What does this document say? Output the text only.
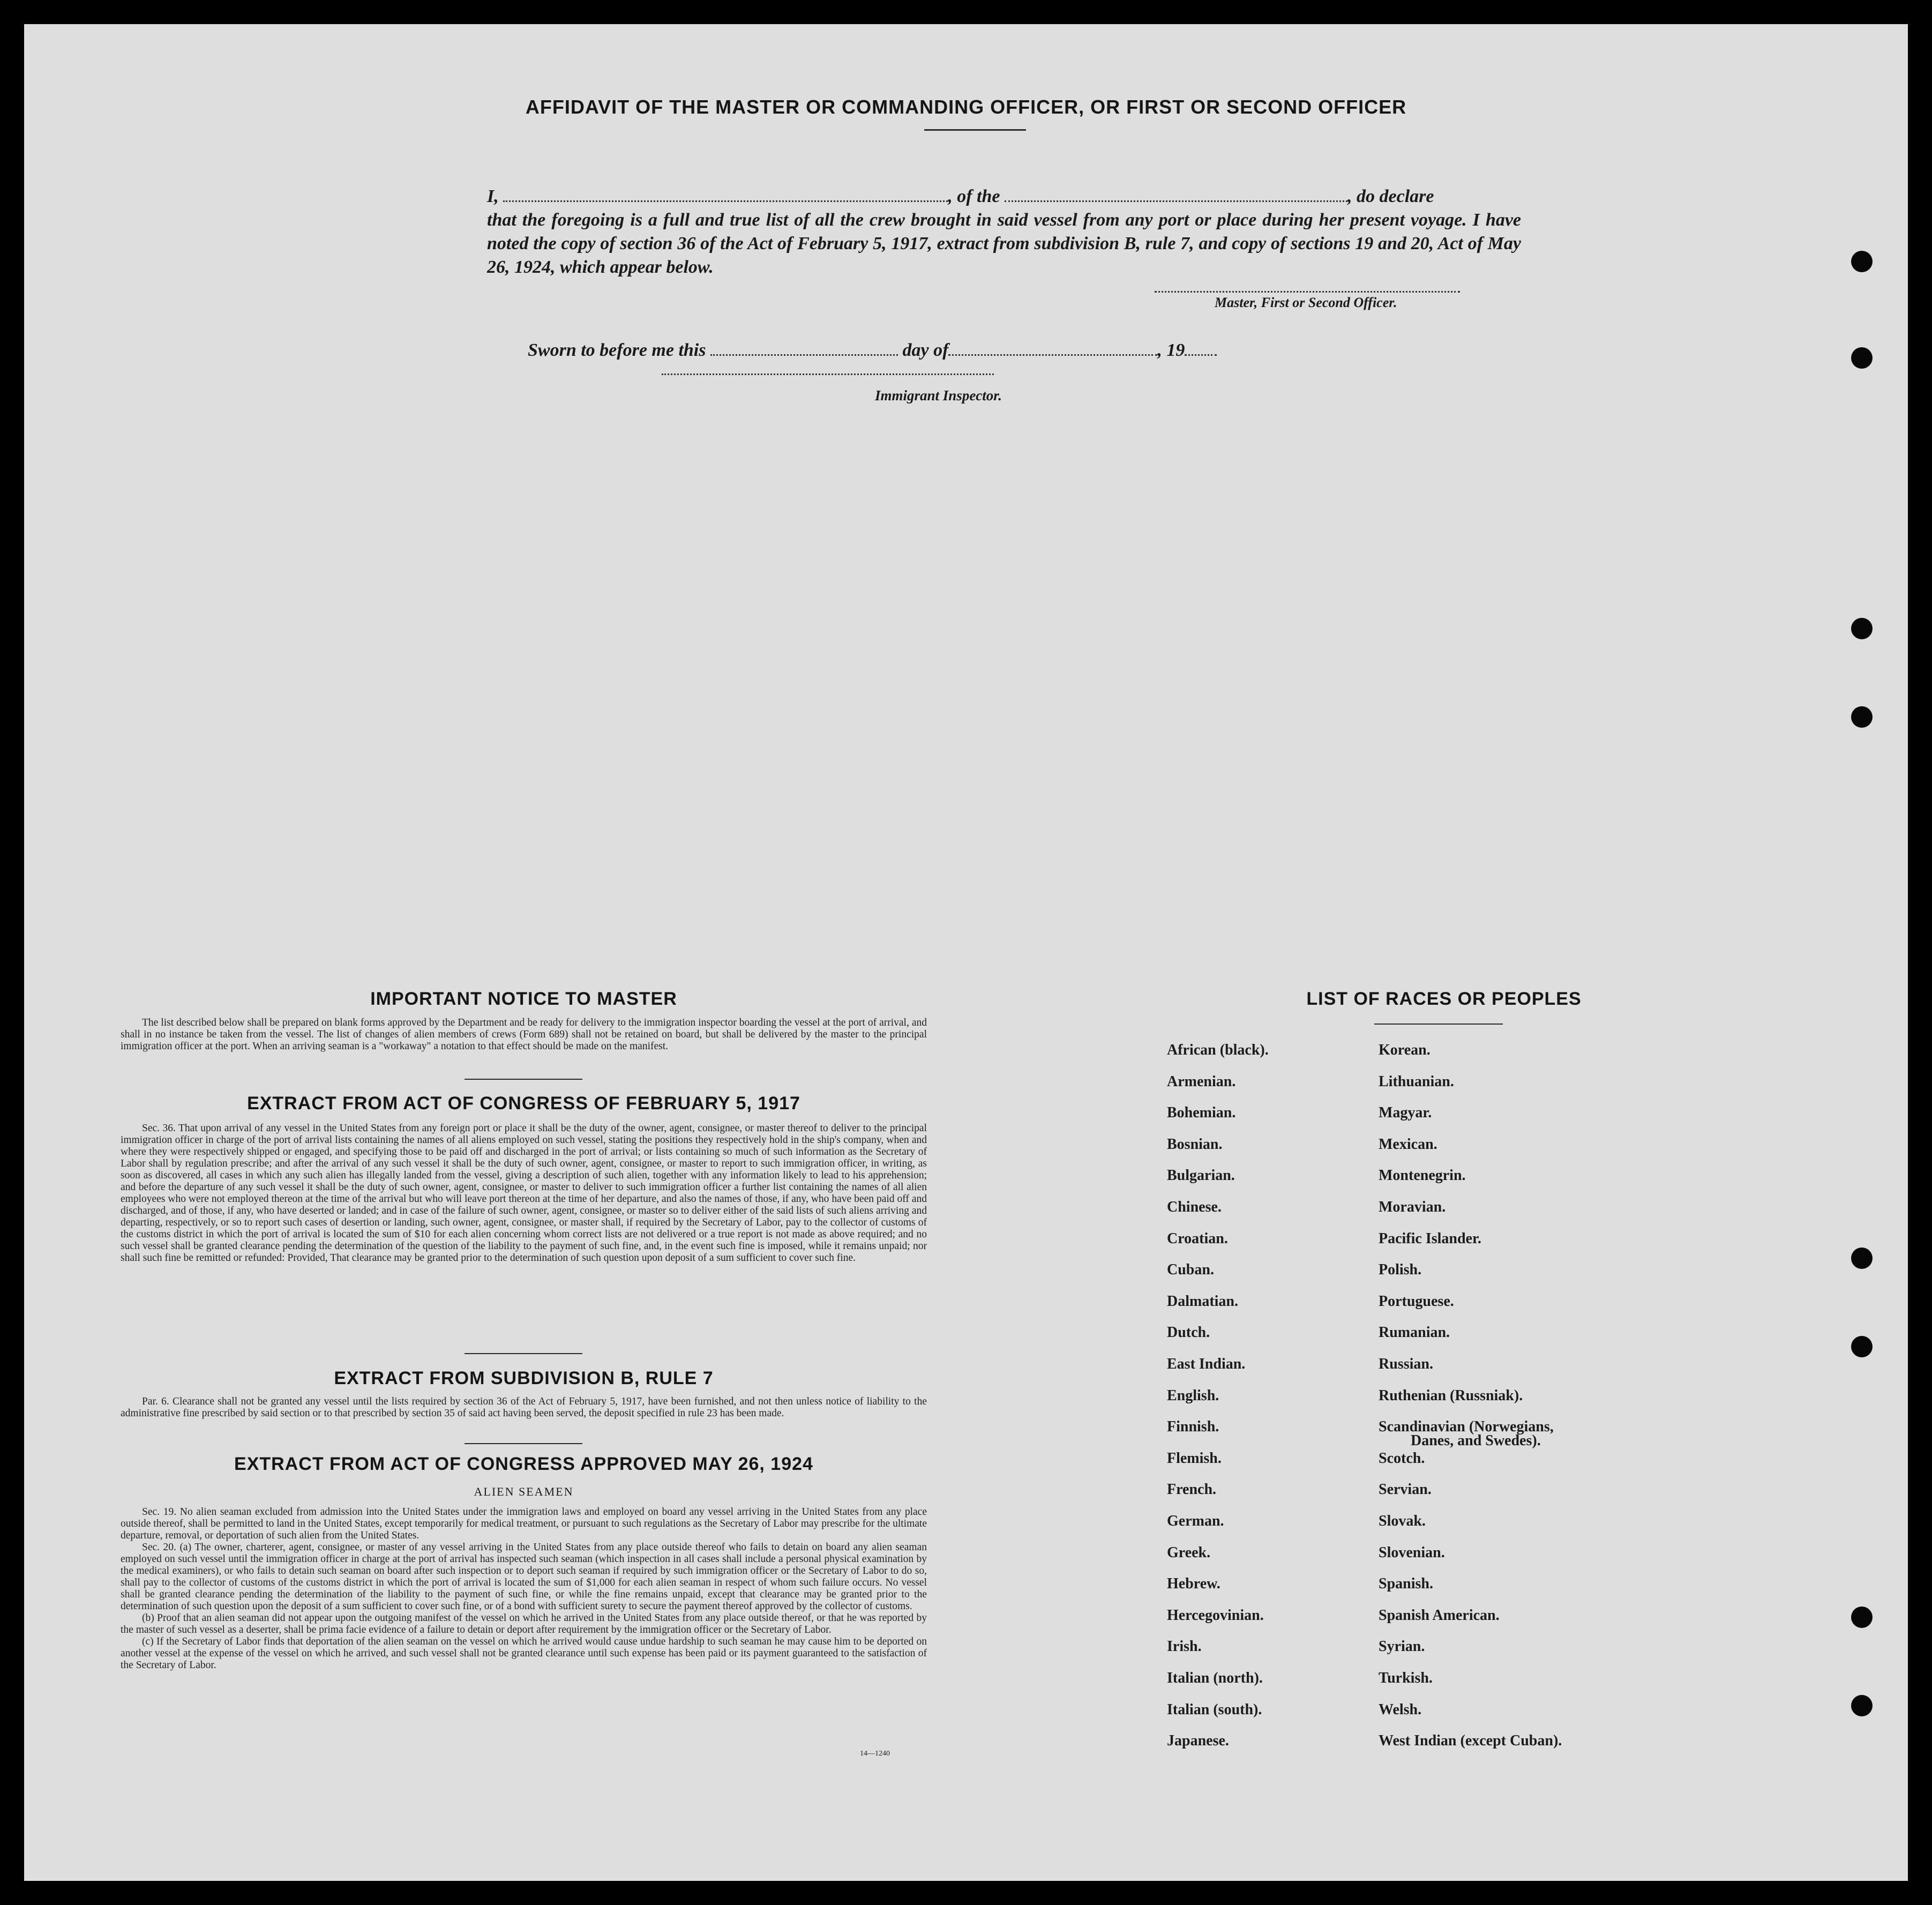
AFFIDAVIT OF THE MASTER OR COMMANDING OFFICER, OR FIRST OR SECOND OFFICER
I,	, of the	, do declare
that the foregoing is a full and true list of all the crew brought in said vessel from any port or place during her present voyage. I have noted the copy of section 36 of the Act of February 5, 1917, extract from subdivision B, rule 7, and copy of sections 19 and 20, Act of May 26, 1924, which appear below.
Master, First or Second Officer.
Sworn to before me this	day of	, 19
Immigrant Inspector.
IMPORTANT NOTICE TO MASTER

The list described below shall be prepared on blank forms approved by the Department and be ready for delivery to the immigration inspector boarding the vessel at the port of arrival, and shall in no instance be taken from the vessel. The list of changes of alien members of crews (Form 689) shall not be retained on board, but shall be delivered by the master to the principal immigration officer at the port. When an arriving seaman is a "workaway" a notation to that effect should be made on the manifest.

EXTRACT FROM ACT OF CONGRESS OF FEBRUARY 5, 1917

Sec. 36. That upon arrival of any vessel in the United States from any foreign port or place it shall be the duty of the owner, agent, consignee, or master thereof to deliver to the principal immigration officer in charge of the port of arrival lists containing the names of all aliens employed on such vessel, stating the positions they respectively hold in the ship's company, when and where they were respectively shipped or engaged, and specifying those to be paid off and discharged in the port of arrival; or lists containing so much of such information as the Secretary of Labor shall by regulation prescribe; and after the arrival of any such vessel it shall be the duty of such owner, agent, consignee, or master to report to such immigration officer, in writing, as soon as discovered, all cases in which any such alien has illegally landed from the vessel, giving a description of such alien, together with any information likely to lead to his apprehension; and before the departure of any such vessel it shall be the duty of such owner, agent, consignee, or master to deliver to such immigration officer a further list containing the names of all alien employees who were not employed thereon at the time of the arrival but who will leave port thereon at the time of her departure, and also the names of those, if any, who have been paid off and discharged, and of those, if any, who have deserted or landed; and in case of the failure of such owner, agent, consignee, or master so to deliver either of the said lists of such aliens arriving and departing, respectively, or so to report such cases of desertion or landing, such owner, agent, consignee, or master shall, if required by the Secretary of Labor, pay to the collector of customs of the customs district in which the port of arrival is located the sum of $10 for each alien concerning whom correct lists are not delivered or a true report is not made as above required; and no such vessel shall be granted clearance pending the determination of the question of the liability to the payment of such fine, and, in the event such fine is imposed, while it remains unpaid; nor shall such fine be remitted or refunded: Provided, That clearance may be granted prior to the determination of such question upon deposit of a sum sufficient to cover such fine.

EXTRACT FROM SUBDIVISION B, RULE 7

Par. 6. Clearance shall not be granted any vessel until the lists required by section 36 of the Act of February 5, 1917, have been furnished, and not then unless notice of liability to the administrative fine prescribed by said section or to that prescribed by section 35 of said act having been served, the deposit specified in rule 23 has been made.

EXTRACT FROM ACT OF CONGRESS APPROVED MAY 26, 1924
ALIEN SEAMEN

Sec. 19. No alien seaman excluded from admission into the United States under the immigration laws and employed on board any vessel arriving in the United States from any place outside thereof, shall be permitted to land in the United States, except temporarily for medical treatment, or pursuant to such regulations as the Secretary of Labor may prescribe for the ultimate departure, removal, or deportation of such alien from the United States.

Sec. 20. (a) The owner, charterer, agent, consignee, or master of any vessel arriving in the United States from any place outside thereof who fails to detain on board any alien seaman employed on such vessel until the immigration officer in charge at the port of arrival has inspected such seaman (which inspection in all cases shall include a personal physical examination by the medical examiners), or who fails to detain such seaman on board after such inspection or to deport such seaman if required by such immigration officer or the Secretary of Labor to do so, shall pay to the collector of customs of the customs district in which the port of arrival is located the sum of $1,000 for each alien seaman in respect of whom such failure occurs. No vessel shall be granted clearance pending the determination of the liability to the payment of such fine, or while the fine remains unpaid, except that clearance may be granted prior to the determination of such question upon the deposit of a sum sufficient to cover such fine, or of a bond with sufficient surety to secure the payment thereof approved by the collector of customs.

(b) Proof that an alien seaman did not appear upon the outgoing manifest of the vessel on which he arrived in the United States from any place outside thereof, or that he was reported by the master of such vessel as a deserter, shall be prima facie evidence of a failure to detain or deport after requirement by the immigration officer or the Secretary of Labor.

(c) If the Secretary of Labor finds that deportation of the alien seaman on the vessel on which he arrived would cause undue hardship to such seaman he may cause him to be deported on another vessel at the expense of the vessel on which he arrived, and such vessel shall not be granted clearance until such expense has been paid or its payment guaranteed to the satisfaction of the Secretary of Labor.

14—1240
LIST OF RACES OR PEOPLES
African (black).
Armenian.
Bohemian.
Bosnian.
Bulgarian.
Chinese.
Croatian.
Cuban.
Dalmatian.
Dutch.
East Indian.
English.
Finnish.
Flemish.
French.
German.
Greek.
Hebrew.
Hercegovinian.
Irish.
Italian (north).
Italian (south).
Japanese.
Korean.
Lithuanian.
Magyar.
Mexican.
Montenegrin.
Moravian.
Pacific Islander.
Polish.
Portuguese.
Rumanian.
Russian.
Ruthenian (Russniak).
Scandinavian (Norwegians,
Danes, and Swedes).
Scotch.
Servian.
Slovak.
Slovenian.
Spanish.
Spanish American.
Syrian.
Turkish.
Welsh.
West Indian (except Cuban).
